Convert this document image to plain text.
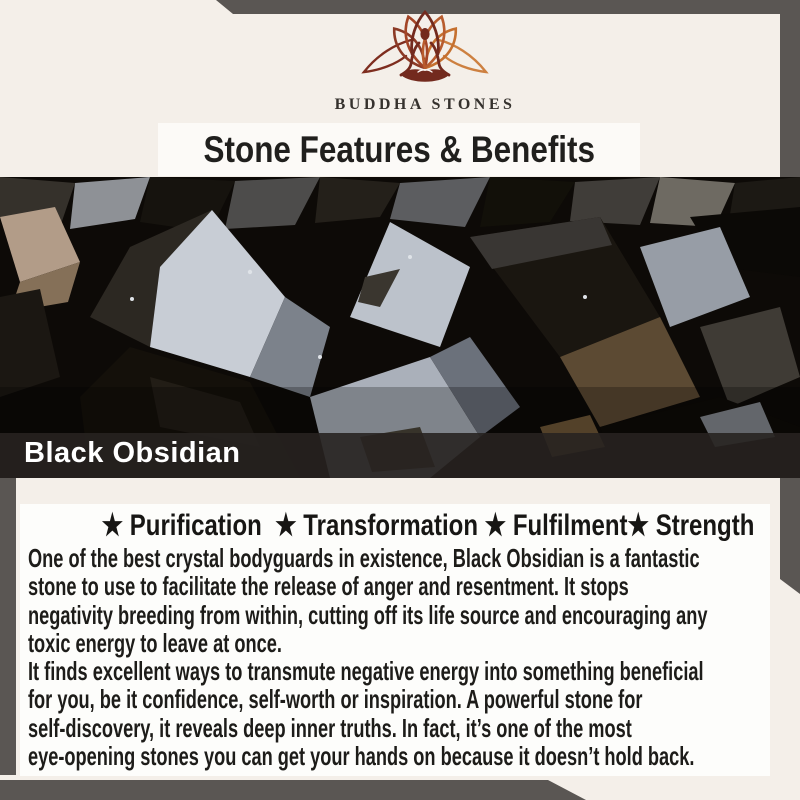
BUDDHA STONES
Stone Features & Benefits
Black Obsidian
★ Purification  ★ Transformation ★ Fulfilment★ Strength
One of the best crystal bodyguards in existence, Black Obsidian is a fantastic
stone to use to facilitate the release of anger and resentment. It stops
negativity breeding from within, cutting off its life source and encouraging any
toxic energy to leave at once.
It finds excellent ways to transmute negative energy into something beneficial
for you, be it confidence, self-worth or inspiration. A powerful stone for
self-discovery, it reveals deep inner truths. In fact, it’s one of the most
eye-opening stones you can get your hands on because it doesn’t hold back.
